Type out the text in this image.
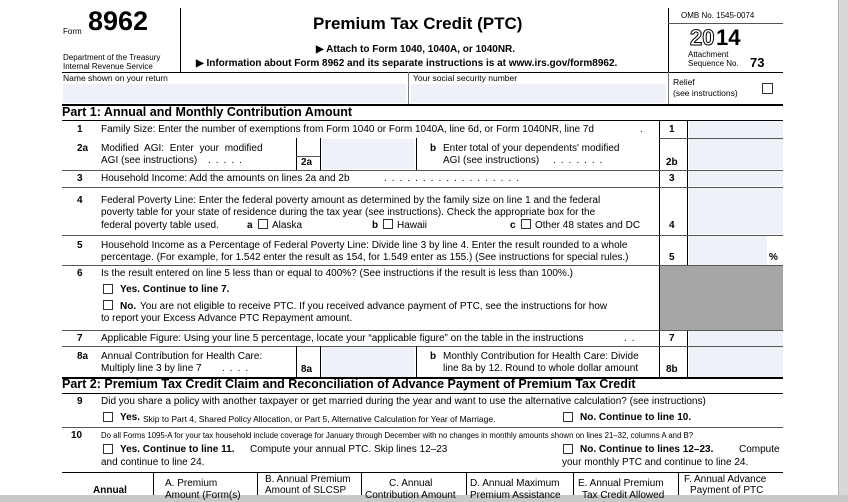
Form 8962
Department of the Treasury
Internal Revenue Service
Premium Tax Credit (PTC)
▶ Attach to Form 1040, 1040A, or 1040NR.
▶ Information about Form 8962 and its separate instructions is at www.irs.gov/form8962.
OMB No. 1545-0074
20 14
Attachment
Sequence No. 73
Name shown on your return	Your social security number	Relief
(see instructions)
Part 1: Annual and Monthly Contribution Amount
1 Family Size: Enter the number of exemptions from Form 1040 or Form 1040A, line 6d, or Form 1040NR, line 7d	. 1
2a Modified AGI: Enter your modified
AGI (see instructions) .....	2a
b Enter total of your dependents' modified
AGI (see instructions) .......	2b
3 Household Income: Add the amounts on lines 2a and 2b	..................	3
4 Federal Poverty Line: Enter the federal poverty amount as determined by the family size on line 1 and the federal
poverty table for your state of residence during the tax year (see instructions). Check the appropriate box for the
federal poverty table used.	a Alaska	b Hawaii	c Other 48 states and DC	4
5 Household Income as a Percentage of Federal Poverty Line: Divide line 3 by line 4. Enter the result rounded to a whole
percentage. (For example, for 1.542 enter the result as 154, for 1.549 enter as 155.) (See instructions for special rules.)	5	%
6 Is the result entered on line 5 less than or equal to 400%? (See instructions if the result is less than 100%.)
Yes. Continue to line 7.
No. You are not eligible to receive PTC. If you received advance payment of PTC, see the instructions for how
to report your Excess Advance PTC Repayment amount.
7 Applicable Figure: Using your line 5 percentage, locate your “applicable figure” on the table in the instructions	..	7
8a Annual Contribution for Health Care:
Multiply line 3 by line 7 ....	8a
b Monthly Contribution for Health Care: Divide
line 8a by 12. Round to whole dollar amount	8b
Part 2: Premium Tax Credit Claim and Reconciliation of Advance Payment of Premium Tax Credit
9 Did you share a policy with another taxpayer or get married during the year and want to use the alternative calculation? (see instructions)
Yes. Skip to Part 4, Shared Policy Allocation, or Part 5, Alternative Calculation for Year of Marriage.	No. Continue to line 10.
10 Do all Forms 1095-A for your tax household include coverage for January through December with no changes in monthly amounts shown on lines 21–32, columns A and B?
Yes. Continue to line 11. Compute your annual PTC. Skip lines 12–23
and continue to line 24.
No. Continue to lines 12–23.	Compute
your monthly PTC and continue to line 24.
Annual
A. Premium
Amount (Form(s)
B. Annual Premium
Amount of SLCSP
C. Annual
Contribution Amount
D. Annual Maximum
Premium Assistance
E. Annual Premium
Tax Credit Allowed
F. Annual Advance
Payment of PTC
